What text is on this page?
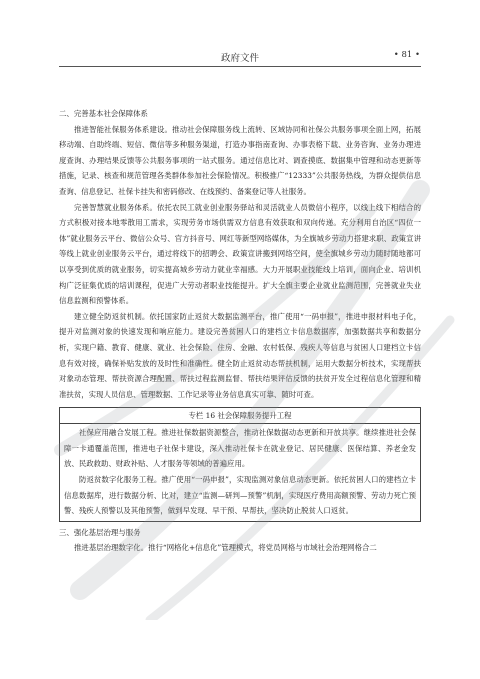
政府文件	• 81 •

二、完善基本社会保障体系

推进智能社保服务体系建设。推动社会保障服务线上流转、区域协同和社保公共服务事项全面上网，拓展移动端、自助终端、短信、微信等多种服务渠道，打造办事指南查询、办事表格下载、业务咨询、业务办理进度查询、办理结果反馈等公共服务事项的一站式服务。通过信息比对、调查摸底、数据集中管理和动态更新等措施，记录、核查和规范管理各类群体参加社会保险情况。积极推广“12333”公共服务热线，为群众提供信息查询、信息登记、社保卡挂失和密码修改、在线预约、备案登记等人社服务。

完善智慧就业服务体系。依托农民工就业创业服务驿站和灵活就业人员微信小程序，以线上线下相结合的方式积极对接本地零散用工需求，实现劳务市场供需双方信息有效获取和双向传递。充分利用自治区“四位一体”就业服务云平台、微信公众号、官方抖音号、网红等新型网络媒体，为全旗城乡劳动力搭建求职、政策宣讲等线上就业创业服务云平台，通过将线下的招聘会、政策宣讲搬到网络空间，使全旗城乡劳动力随时随地都可以享受到优质的就业服务，切实提高城乡劳动力就业幸福感。大力开展职业技能线上培训，面向企业、培训机构广泛征集优质的培训课程，促进广大劳动者职业技能提升。扩大全旗主要企业就业监测范围，完善就业失业信息监测和预警体系。

建立健全防返贫机制。依托国家防止返贫大数据监测平台，推广使用“一码申报”，推进申报材料电子化，提升对监测对象的快速发现和响应能力。建设完善贫困人口的建档立卡信息数据库，加强数据共享和数据分析，实现户籍、教育、健康、就业、社会保险、住房、金融、农村低保、残疾人等信息与贫困人口建档立卡信息有效对接，确保补贴发放的及时性和准确性。健全防止返贫动态帮扶机制，运用大数据分析技术，实现帮扶对象动态管理、帮扶资源合理配置、帮扶过程监测监督、帮扶结果评估反馈的扶贫开发全过程信息化管理和精准扶贫，实现人员信息、管理数据、工作记录等业务信息真实可靠、随时可查。

专栏 16 社会保障服务提升工程

社保应用融合发展工程。推进社保数据资源整合，推动社保数据动态更新和开放共享。继续推进社会保障一卡通覆盖范围，推进电子社保卡建设，深入推动社保卡在就业登记、居民健康、医保结算、养老金发放、民政救助、财政补贴、人才服务等领域的普遍应用。

防返贫数字化服务工程。推广使用“一码申报”，实现监测对象信息动态更新。依托贫困人口的建档立卡信息数据库，进行数据分析、比对，建立“监测—研判—预警”机制，实现医疗费用高额预警、劳动力死亡预警、残疾人预警以及其他预警，做到早发现、早干预、早帮扶，坚决防止脱贫人口返贫。

三、强化基层治理与服务

推进基层治理数字化。推行“网格化+信息化”管理模式，将党员网格与市域社会治理网格合二
